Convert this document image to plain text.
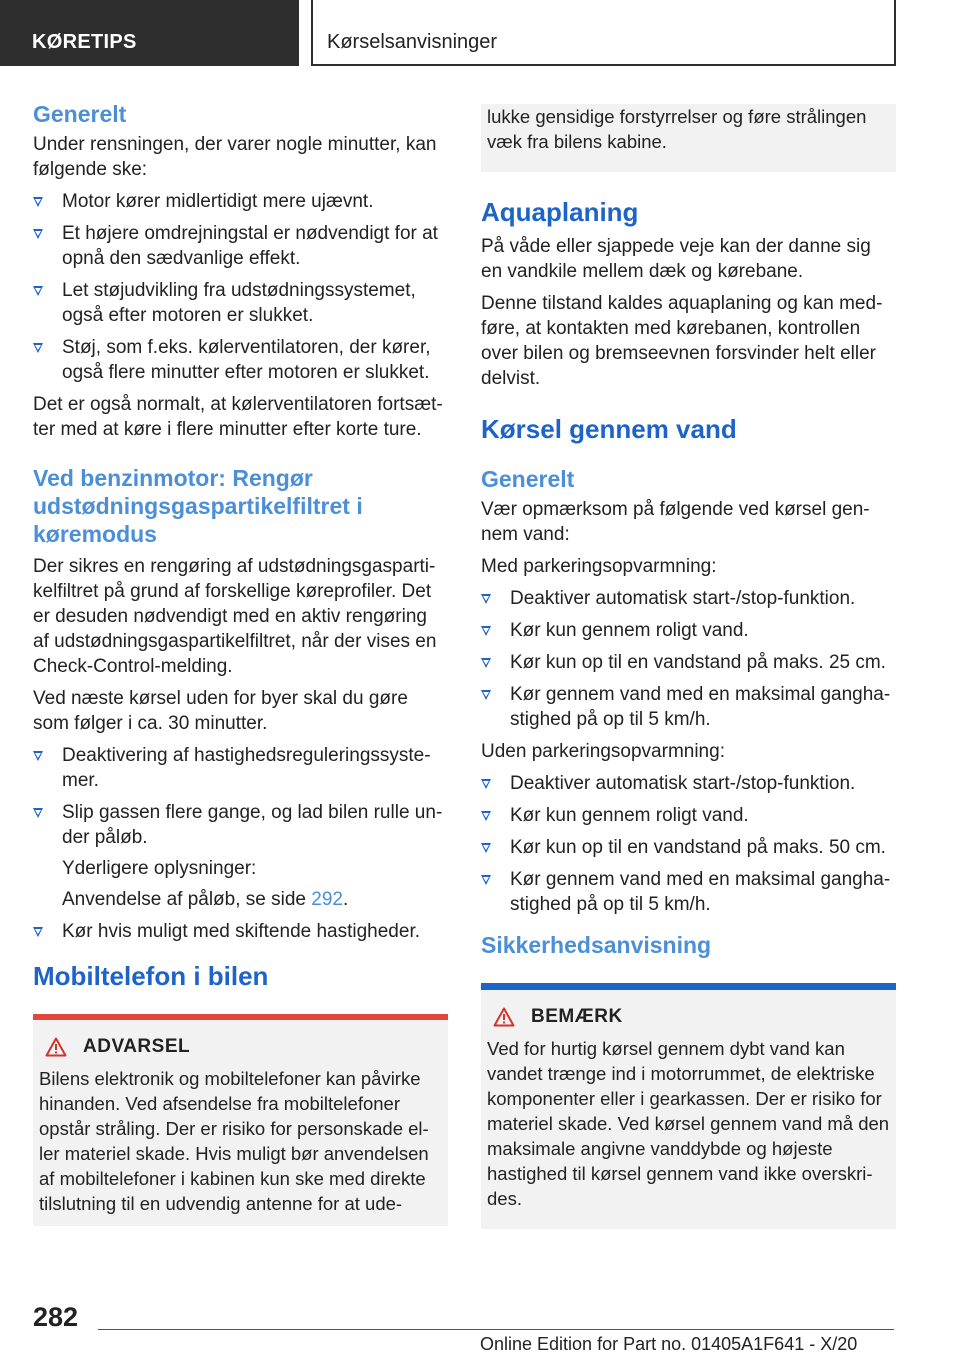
KØRETIPS	Kørselsanvisninger
Generelt

Under rensningen, der varer nogle minutter, kan følgende ske:

Motor kører midlertidigt mere ujævnt.
Et højere omdrejningstal er nødvendigt for at opnå den sædvanlige effekt.
Let støjudvikling fra udstødningssystemet, også efter motoren er slukket.
Støj, som f.eks. kølerventilatoren, der kører, også flere minutter efter motoren er slukket.

Det er også normalt, at kølerventilatoren fortsætter med at køre i flere minutter efter korte ture.

Ved benzinmotor: Rengør udstødningsgaspartikelfiltret i køremodus

Der sikres en rengøring af udstødningsgaspartikelfiltret på grund af forskellige køreprofiler. Det er desuden nødvendigt med en aktiv rengøring af udstødningsgaspartikelfiltret, når der vises en Check-Control-melding.

Ved næste kørsel uden for byer skal du gøre som følger i ca. 30 minutter.

Deaktivering af hastighedsreguleringssystemer.

Slip gassen flere gange, og lad bilen rulle under påløb.

Yderligere oplysninger:

Anvendelse af påløb, se side 292.

Kør hvis muligt med skiftende hastigheder.
Mobiltelefon i bilen
ADVARSEL

Bilens elektronik og mobiltelefoner kan påvirke hinanden. Ved afsendelse fra mobiltelefoner opstår stråling. Der er risiko for personskade eller materiel skade. Hvis muligt bør anvendelsen af mobiltelefoner i kabinen kun ske med direkte tilslutning til en udvendig antenne for at ude-

lukke gensidige forstyrrelser og føre strålingen væk fra bilens kabine.

Aquaplaning

På våde eller sjappede veje kan der danne sig en vandkile mellem dæk og kørebane.

Denne tilstand kaldes aquaplaning og kan medføre, at kontakten med kørebanen, kontrollen over bilen og bremseevnen forsvinder helt eller delvist.

Kørsel gennem vand
Generelt

Vær opmærksom på følgende ved kørsel gennem vand:

Med parkeringsopvarmning:

Deaktiver automatisk start-/stop-funktion.
Kør kun gennem roligt vand.
Kør kun op til en vandstand på maks. 25 cm.
Kør gennem vand med en maksimal ganghastighed på op til 5 km/h.

Uden parkeringsopvarmning:

Deaktiver automatisk start-/stop-funktion.
Kør kun gennem roligt vand.
Kør kun op til en vandstand på maks. 50 cm.
Kør gennem vand med en maksimal ganghastighed på op til 5 km/h.
Sikkerhedsanvisning
BEMÆRK

Ved for hurtig kørsel gennem dybt vand kan vandet trænge ind i motorrummet, de elektriske komponenter eller i gearkassen. Der er risiko for materiel skade. Ved kørsel gennem vand må den maksimale angivne vanddybde og højeste hastighed til kørsel gennem vand ikke overskrides.

282
Online Edition for Part no. 01405A1F641 - X/20
